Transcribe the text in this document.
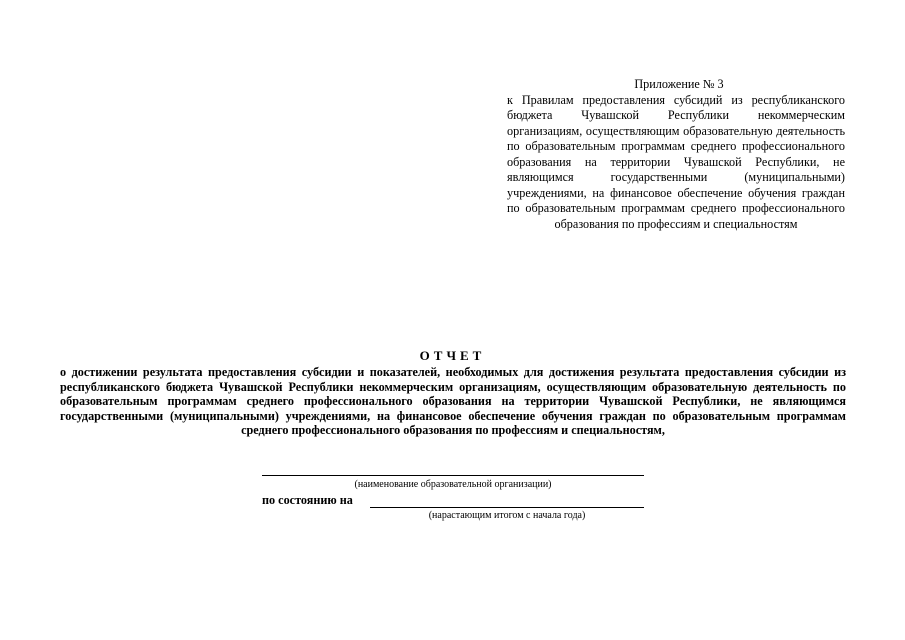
Приложение № 3
к Правилам предоставления субсидий из республиканского бюджета Чувашской Республики некоммерческим организациям, осуществляющим образовательную деятельность по образовательным программам среднего профессионального образования на территории Чувашской Республики, не являющимся государственными (муниципальными) учреждениями, на финансовое обеспечение обучения граждан по образовательным программам среднего профессионального образования по профессиям и специальностям
ОТЧЕТ
о достижении результата предоставления субсидии и показателей, необходимых для достижения результата предоставления субсидии из республиканского бюджета Чувашской Республики некоммерческим организациям, осуществляющим образовательную деятельность по образовательным программам среднего профессионального образования на территории Чувашской Республики, не являющимся государственными (муниципальными) учреждениями, на финансовое обеспечение обучения граждан по образовательным программам среднего профессионального образования по профессиям и специальностям,
(наименование образовательной организации)
по состоянию на
(нарастающим итогом с начала года)
